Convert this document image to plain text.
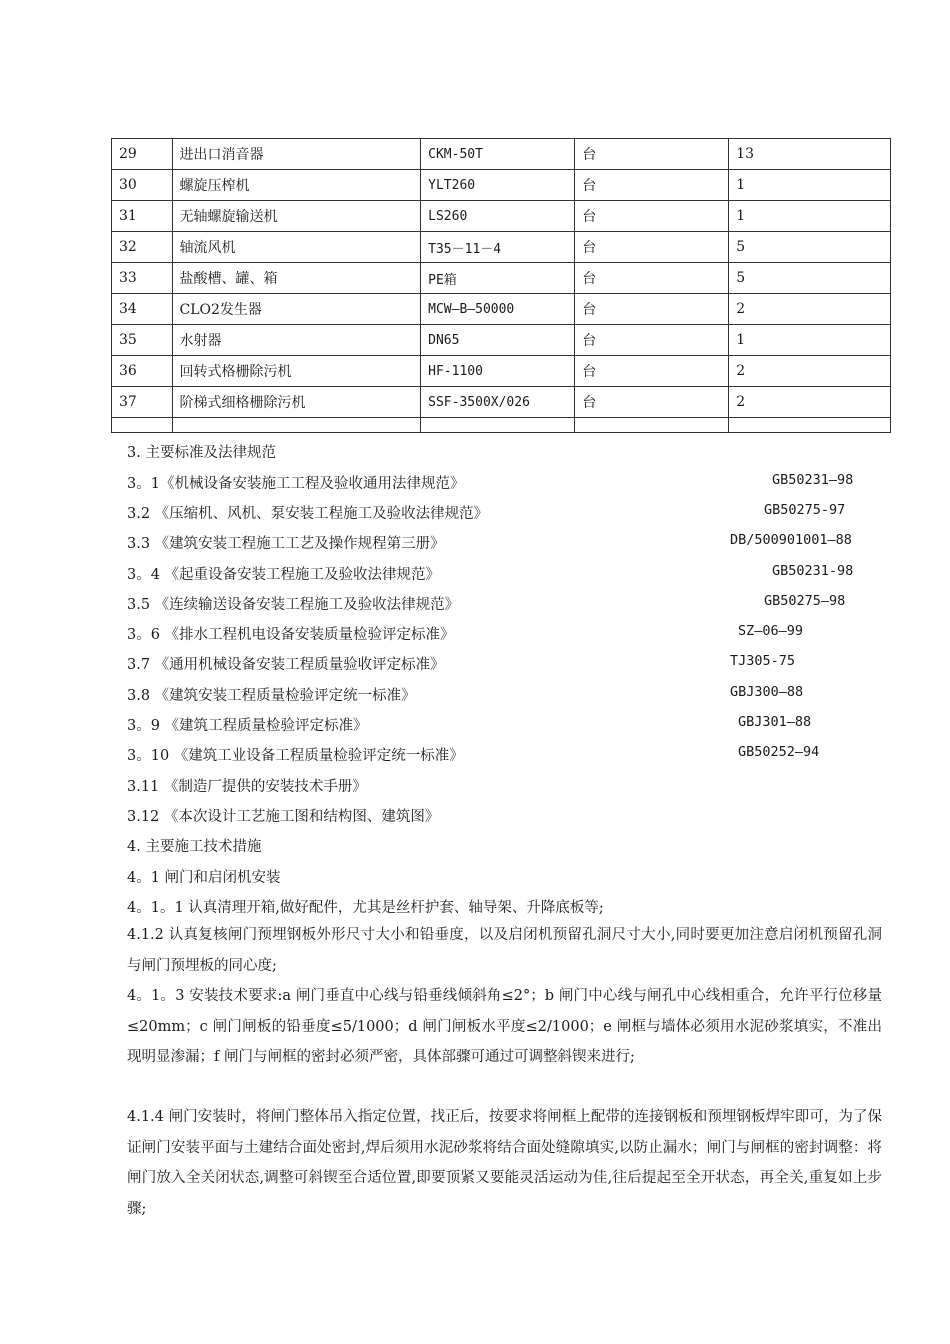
29	进出口消音器	CKM-50T	台	13
30	螺旋压榨机	YLT260	台	1
31	无轴螺旋输送机	LS260	台	1
32	轴流风机	T35－11－4	台	5
33	盐酸槽、罐、箱	PE箱	台	5
34	CLO2发生器	MCW—B—50000	台	2
35	水射器	DN65	台	1
36	回转式格栅除污机	HF-1100	台	2
37	阶梯式细格栅除污机	SSF-3500X/026	台	2

3. 主要标准及法律规范
3。1《机械设备安装施工工程及验收通用法律规范》	GB50231—98
3.2 《压缩机、风机、泵安装工程施工及验收法律规范》	GB50275-97
3.3 《建筑安装工程施工工艺及操作规程第三册》	DB/500901001—88
3。4 《起重设备安装工程施工及验收法律规范》	GB50231-98
3.5 《连续输送设备安装工程施工及验收法律规范》	GB50275—98
3。6 《排水工程机电设备安装质量检验评定标准》	SZ—06—99
3.7 《通用机械设备安装工程质量验收评定标准》	TJ305-75
3.8 《建筑安装工程质量检验评定统一标准》	GBJ300—88
3。9 《建筑工程质量检验评定标准》	GBJ301—88
3。10 《建筑工业设备工程质量检验评定统一标准》	GB50252—94
3.11 《制造厂提供的安装技术手册》
3.12 《本次设计工艺施工图和结构图、建筑图》
4. 主要施工技术措施
4。1 闸门和启闭机安装
4。1。1 认真清理开箱,做好配件，尤其是丝杆护套、轴导架、升降底板等;
4.1.2 认真复核闸门预埋钢板外形尺寸大小和铅垂度，以及启闭机预留孔洞尺寸大小,同时要更加注意启闭机预留孔洞与闸门预埋板的同心度;
4。1。3 安装技术要求:a 闸门垂直中心线与铅垂线倾斜角≤2°；b 闸门中心线与闸孔中心线相重合，允许平行位移量≤20mm；c 闸门闸板的铅垂度≤5/1000；d 闸门闸板水平度≤2/1000；e 闸框与墙体必须用水泥砂浆填实，不准出现明显渗漏；f 闸门与闸框的密封必须严密，具体部骤可通过可调整斜锲来进行;
4.1.4 闸门安装时，将闸门整体吊入指定位置，找正后，按要求将闸框上配带的连接钢板和预埋钢板焊牢即可，为了保证闸门安装平面与土建结合面处密封,焊后须用水泥砂浆将结合面处缝隙填实,以防止漏水；闸门与闸框的密封调整：将闸门放入全关闭状态,调整可斜锲至合适位置,即要顶紧又要能灵活运动为佳,往后提起至全开状态，再全关,重复如上步骤;
